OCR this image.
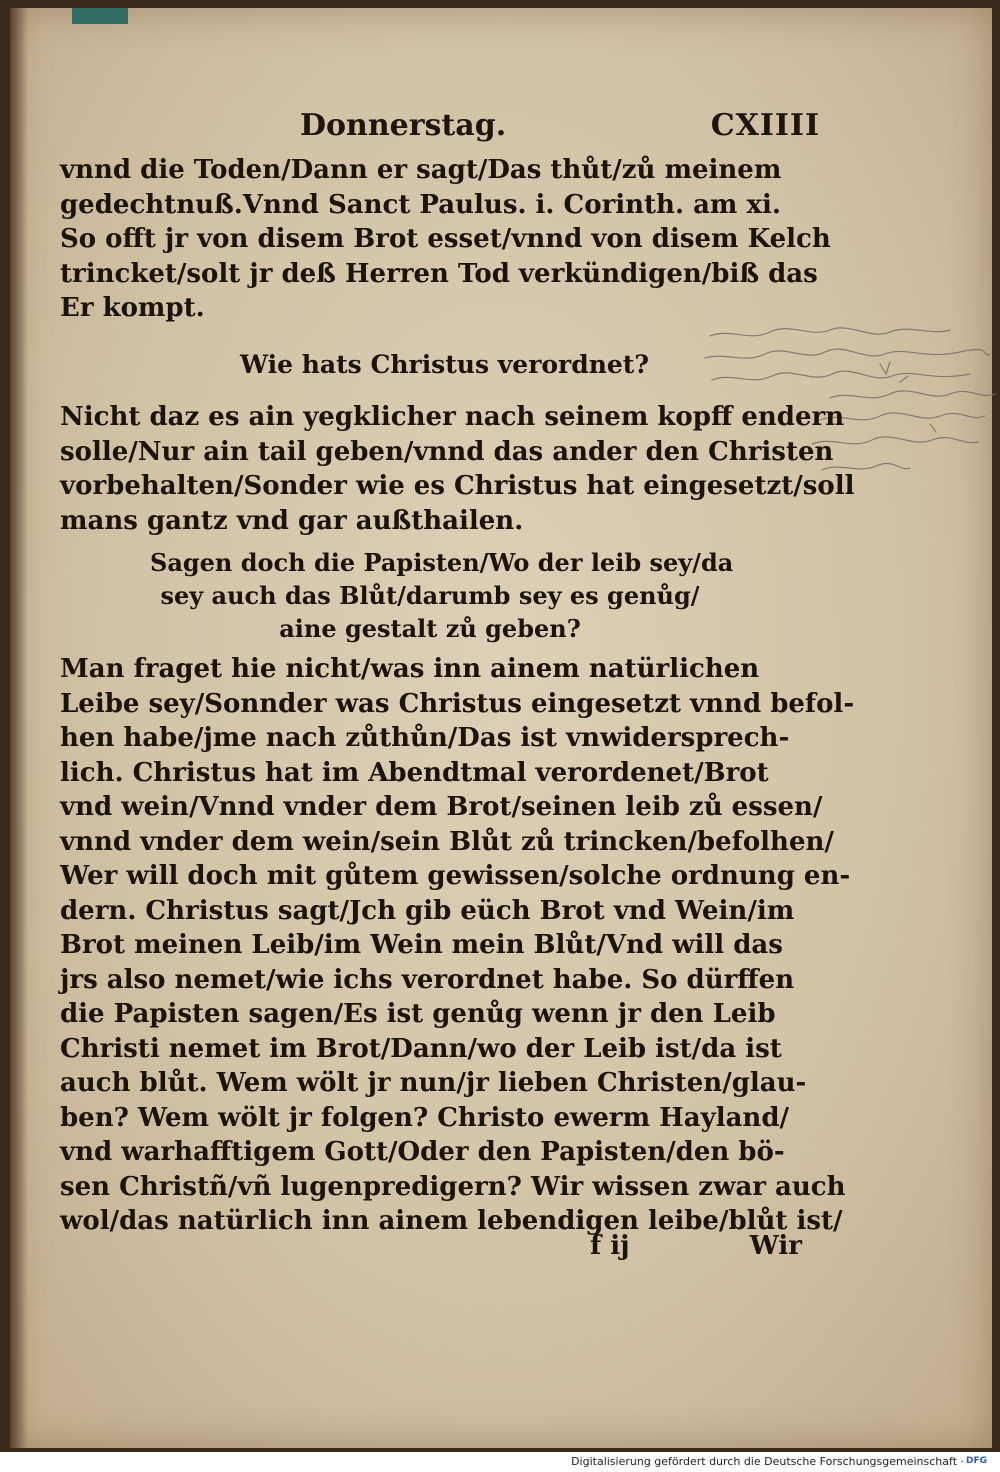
Donnerstag.	CXIIII
vnnd die Toden/Dann er sagt/Das thůt/zů meinem
gedechtnuß.Vnnd Sanct Paulus. i. Corinth. am xi.
So offt jr von disem Brot esset/vnnd von disem Kelch
trincket/solt jr deß Herren Tod verkündigen/biß das
Er kompt.
Wie hats Christus verordnet?
Nicht daz es ain yegklicher nach seinem kopff endern
solle/Nur ain tail geben/vnnd das ander den Christen
vorbehalten/Sonder wie es Christus hat eingesetzt/soll
mans gantz vnd gar außthailen.
Sagen doch die Papisten/Wo der leib sey/da
sey auch das Blůt/darumb sey es genůg/
aine gestalt zů geben?
Man fraget hie nicht/was inn ainem natürlichen
Leibe sey/Sonnder was Christus eingesetzt vnnd befol-
hen habe/jme nach zůthůn/Das ist vnwidersprech-
lich. Christus hat im Abendtmal verordenet/Brot
vnd wein/Vnnd vnder dem Brot/seinen leib zů essen/
vnnd vnder dem wein/sein Blůt zů trincken/befolhen/
Wer will doch mit gůtem gewissen/solche ordnung en-
dern. Christus sagt/Jch gib eüch Brot vnd Wein/im
Brot meinen Leib/im Wein mein Blůt/Vnd will das
jrs also nemet/wie ichs verordnet habe. So dürffen
die Papisten sagen/Es ist genůg wenn jr den Leib
Christi nemet im Brot/Dann/wo der Leib ist/da ist
auch blůt. Wem wölt jr nun/jr lieben Christen/glau-
ben? Wem wölt jr folgen? Christo ewerm Hayland/
vnd warhafftigem Gott/Oder den Papisten/den bö-
sen Christñ/vñ lugenpredigern? Wir wissen zwar auch
wol/das natürlich inn ainem lebendigen leibe/blůt ist/
f ij	Wir
Digitalisierung gefördert durch die Deutsche Forschungsgemeinschaft · DFG
